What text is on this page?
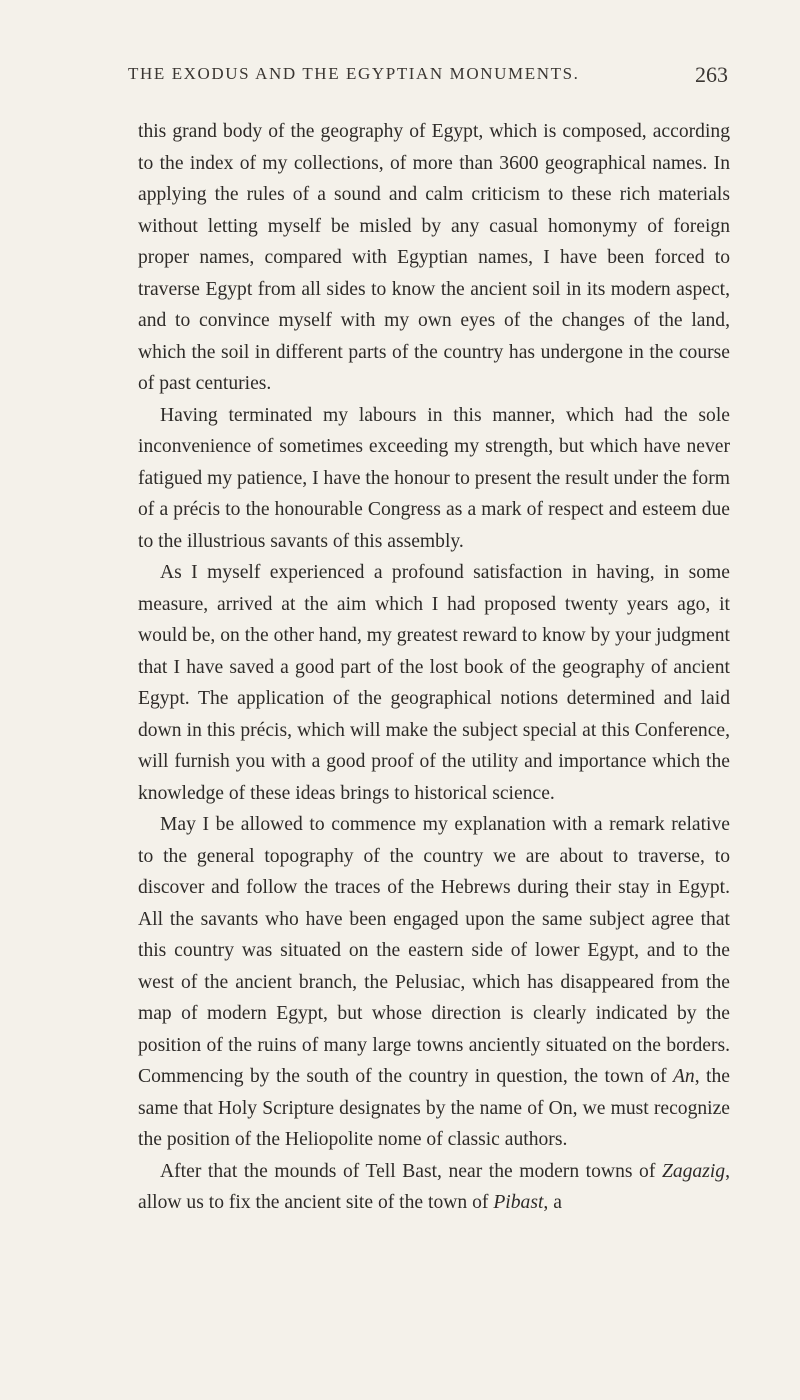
THE EXODUS AND THE EGYPTIAN MONUMENTS.	263

this grand body of the geography of Egypt, which is composed, according to the index of my collections, of more than 3600 geographical names. In applying the rules of a sound and calm criticism to these rich materials without letting myself be misled by any casual homonymy of foreign proper names, compared with Egyptian names, I have been forced to traverse Egypt from all sides to know the ancient soil in its modern aspect, and to convince myself with my own eyes of the changes of the land, which the soil in different parts of the country has undergone in the course of past centuries.

Having terminated my labours in this manner, which had the sole inconvenience of sometimes exceeding my strength, but which have never fatigued my patience, I have the honour to present the result under the form of a précis to the honourable Congress as a mark of respect and esteem due to the illustrious savants of this assembly.

As I myself experienced a profound satisfaction in having, in some measure, arrived at the aim which I had proposed twenty years ago, it would be, on the other hand, my greatest reward to know by your judgment that I have saved a good part of the lost book of the geography of ancient Egypt. The application of the geographical notions determined and laid down in this précis, which will make the subject special at this Conference, will furnish you with a good proof of the utility and importance which the knowledge of these ideas brings to historical science.

May I be allowed to commence my explanation with a remark relative to the general topography of the country we are about to traverse, to discover and follow the traces of the Hebrews during their stay in Egypt. All the savants who have been engaged upon the same subject agree that this country was situated on the eastern side of lower Egypt, and to the west of the ancient branch, the Pelusiac, which has disappeared from the map of modern Egypt, but whose direction is clearly indicated by the position of the ruins of many large towns anciently situated on the borders. Commencing by the south of the country in question, the town of An, the same that Holy Scripture designates by the name of On, we must recognize the position of the Heliopolite nome of classic authors.

After that the mounds of Tell Bast, near the modern towns of Zagazig, allow us to fix the ancient site of the town of Pibast, a
